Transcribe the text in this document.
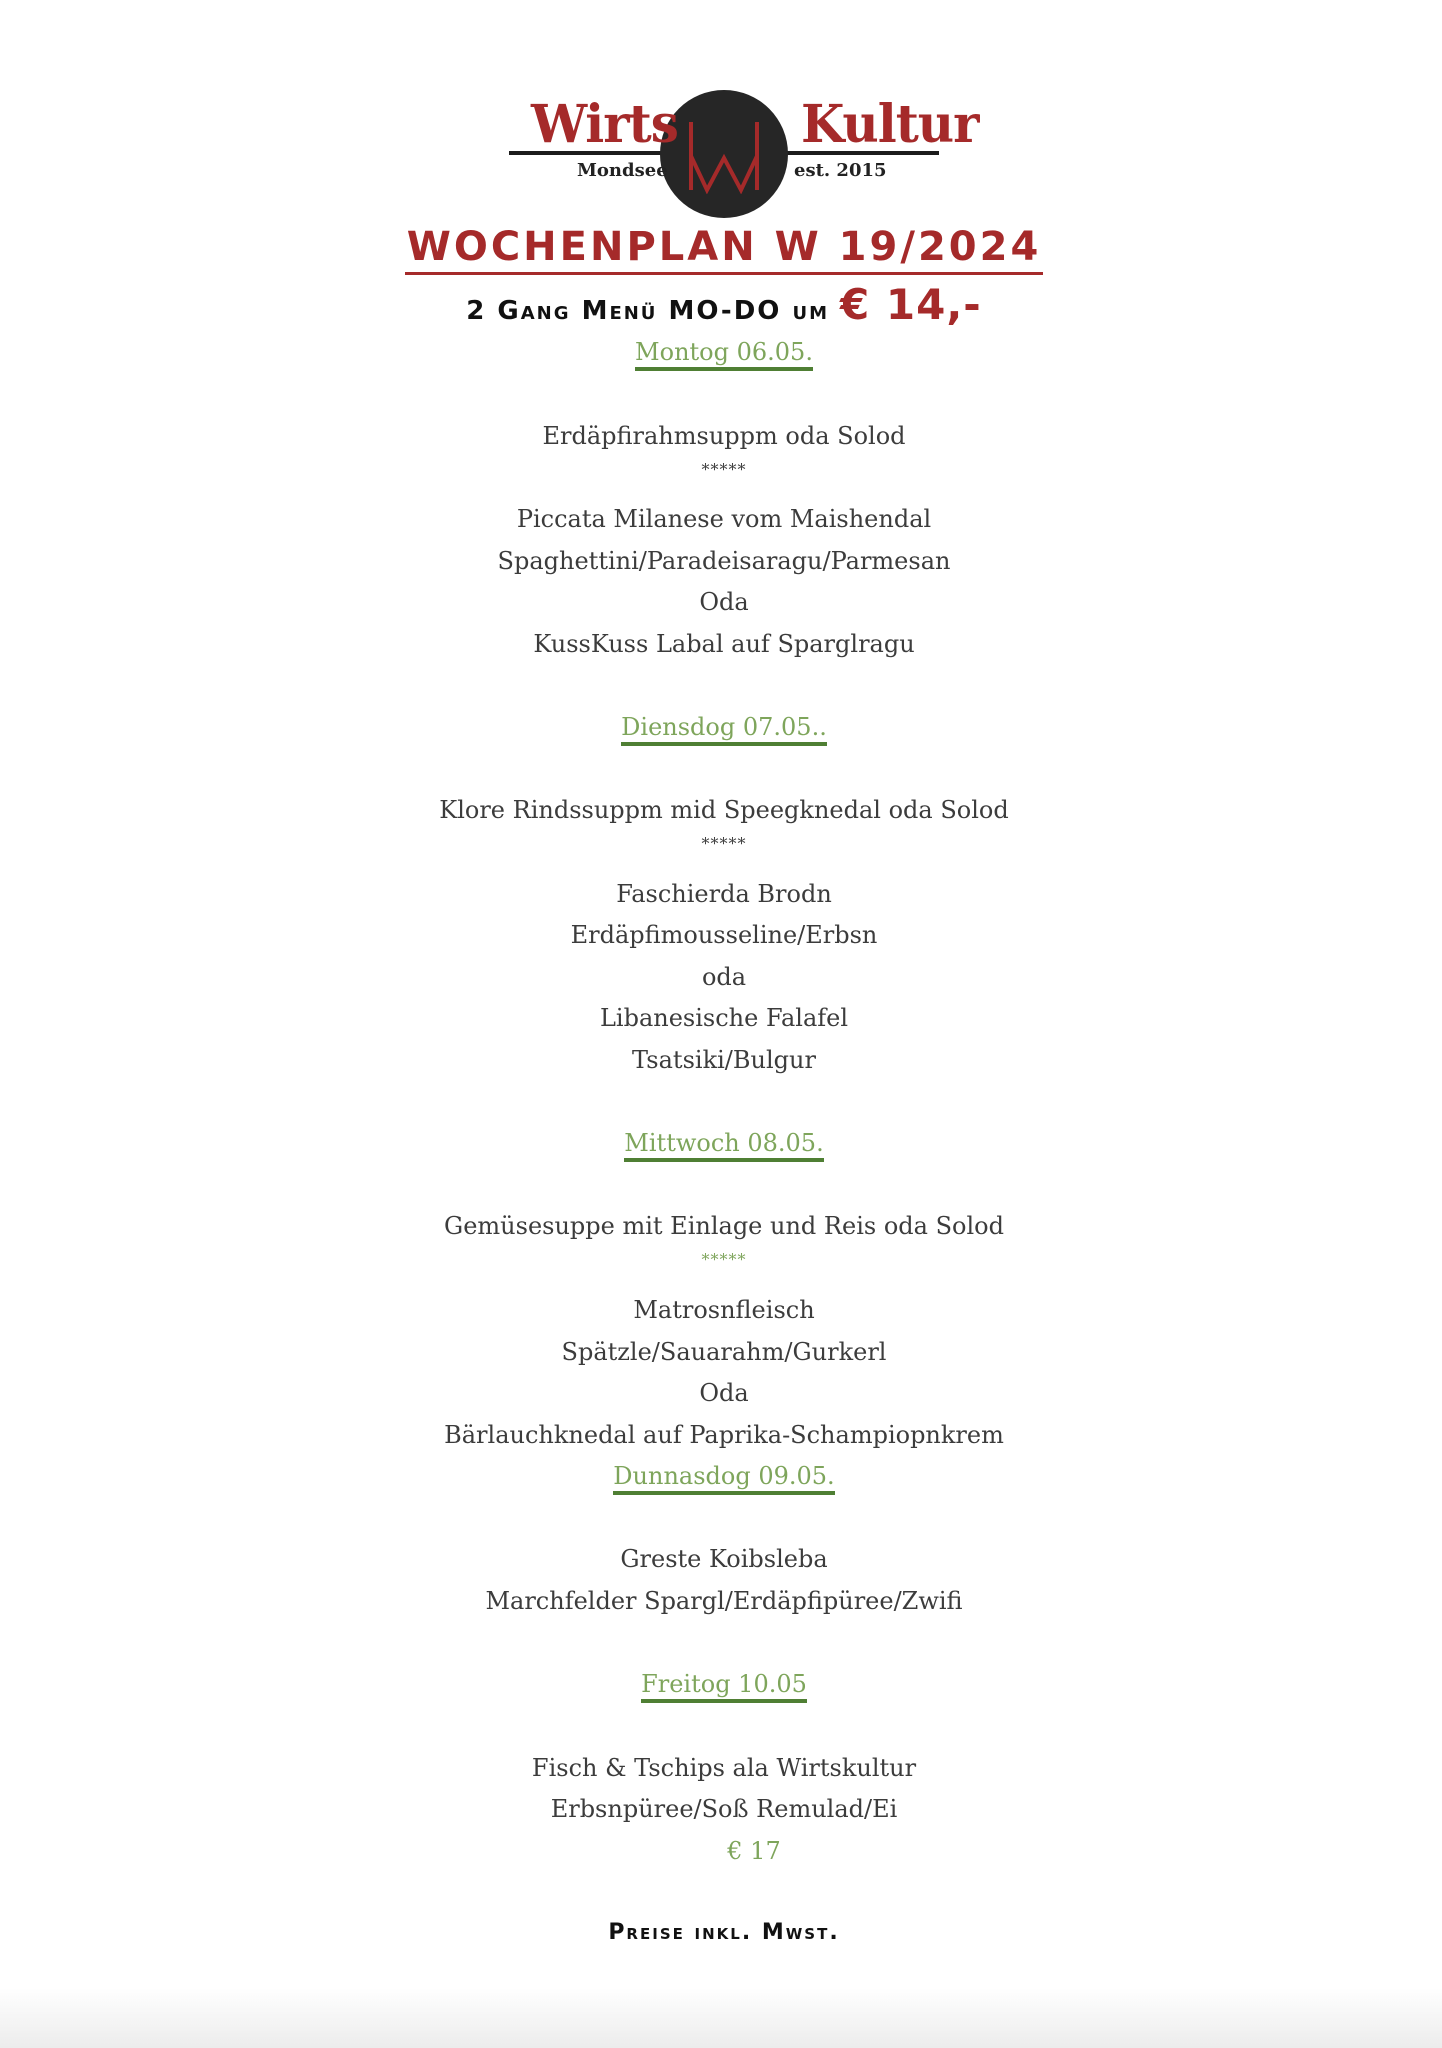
Wirts Kultur
Mondsee	est. 2015
WOCHENPLAN W 19/2024
2 Gang Menü MO-DO um € 14,-
Montog 06.05.
Erdäpfirahmsuppm oda Solod
*****
Piccata Milanese vom Maishendal
Spaghettini/Paradeisaragu/Parmesan
Oda
KussKuss Labal auf Sparglragu
Diensdog 07.05..
Klore Rindssuppm mid Speegknedal oda Solod
*****
Faschierda Brodn
Erdäpfimousseline/Erbsn
oda
Libanesische Falafel
Tsatsiki/Bulgur
Mittwoch 08.05.
Gemüsesuppe mit Einlage und Reis oda Solod
*****
Matrosnfleisch
Spätzle/Sauarahm/Gurkerl
Oda
Bärlauchknedal auf Paprika-Schampiopnkrem
Dunnasdog 09.05.
Greste Koibsleba
Marchfelder Spargl/Erdäpfipüree/Zwifi
Freitog 10.05
Fisch & Tschips ala Wirtskultur
Erbsnpüree/Soß Remulad/Ei
€ 17
Preise inkl. Mwst.
